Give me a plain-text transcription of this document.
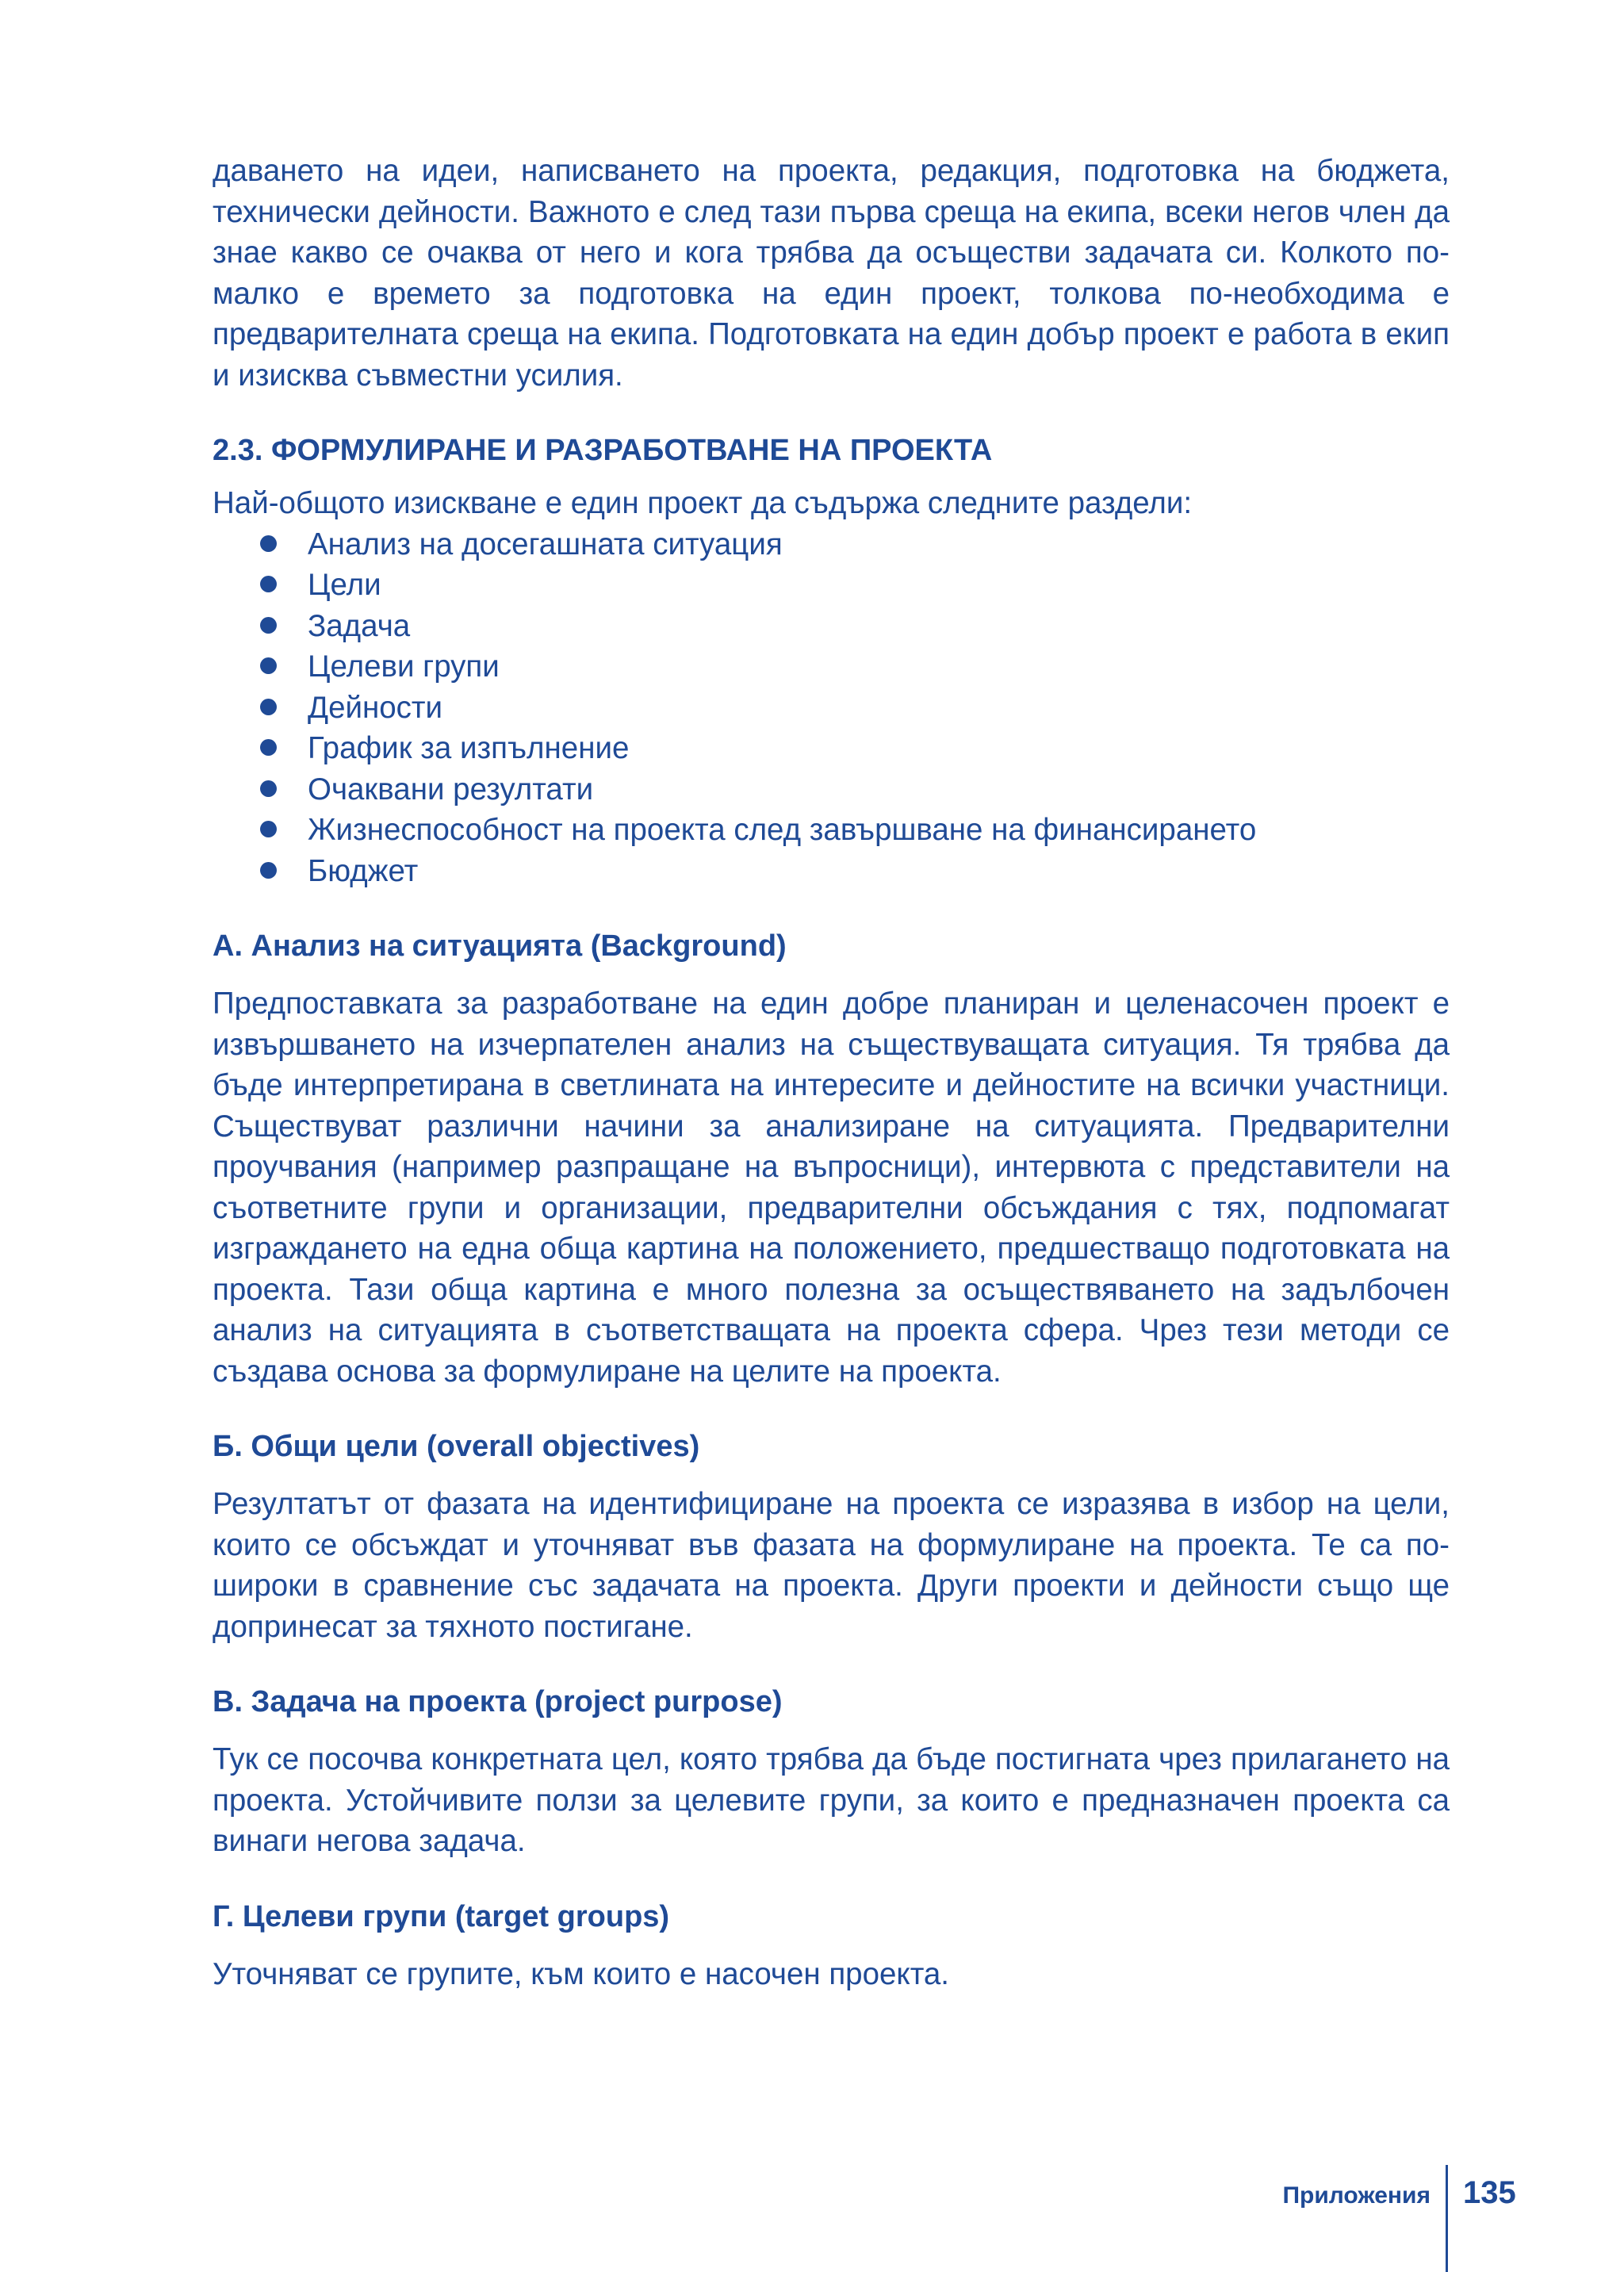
даването на идеи, написването на проекта, редакция, подготовка на бюджета, технически дейности. Важното е след тази първа среща на екипа, всеки негов член да знае какво се очаква от него и кога трябва да осъществи задачата си. Колкото по-малко е времето за подготовка на един проект, толкова по-необходима е предварителната среща на екипа. Подготовката на един добър проект е работа в екип и изисква съвместни усилия.

2.3. ФОРМУЛИРАНЕ И РАЗРАБОТВАНЕ НА ПРОЕКТА

Най-общото изискване е един проект да съдържа следните раздели:

Анализ на досегашната ситуация
Цели
Задача
Целеви групи
Дейности
График за изпълнение
Очаквани резултати
Жизнеспособност на проекта след завършване на финансирането
Бюджет
А. Анализ на ситуацията (Background)

Предпоставката за разработване на един добре планиран и целенасочен проект е извършването на изчерпателен анализ на съществуващата ситуация. Тя трябва да бъде интерпретирана в светлината на интересите и дейностите на всички участници. Съществуват различни начини за анализиране на ситуацията. Предварителни проучвания (например разпращане на въпросници), интервюта с представители на съответните групи и организации, предварителни обсъждания с тях, подпомагат изграждането на една обща картина на положението, предшестващо подготовката на проекта. Тази обща картина е много полезна за осъществяването на задълбочен анализ на ситуацията в съответстващата на проекта сфера. Чрез тези методи се създава основа за формулиране на целите на проекта.

Б. Общи цели (overall objectives)

Резултатът от фазата на идентифициране на проекта се изразява в избор на цели, които се обсъждат и уточняват във фазата на формулиране на проекта. Те са по-широки в сравнение със задачата на проекта. Други проекти и дейности също ще допринесат за тяхното постигане.

В. Задача на проекта (project purpose)

Тук се посочва конкретната цел, която трябва да бъде постигната чрез прилагането на проекта. Устойчивите ползи за целевите групи, за които е предназначен проекта са винаги негова задача.

Г. Целеви групи (target groups)

Уточняват се групите, към които е насочен проекта.

Приложения 135
